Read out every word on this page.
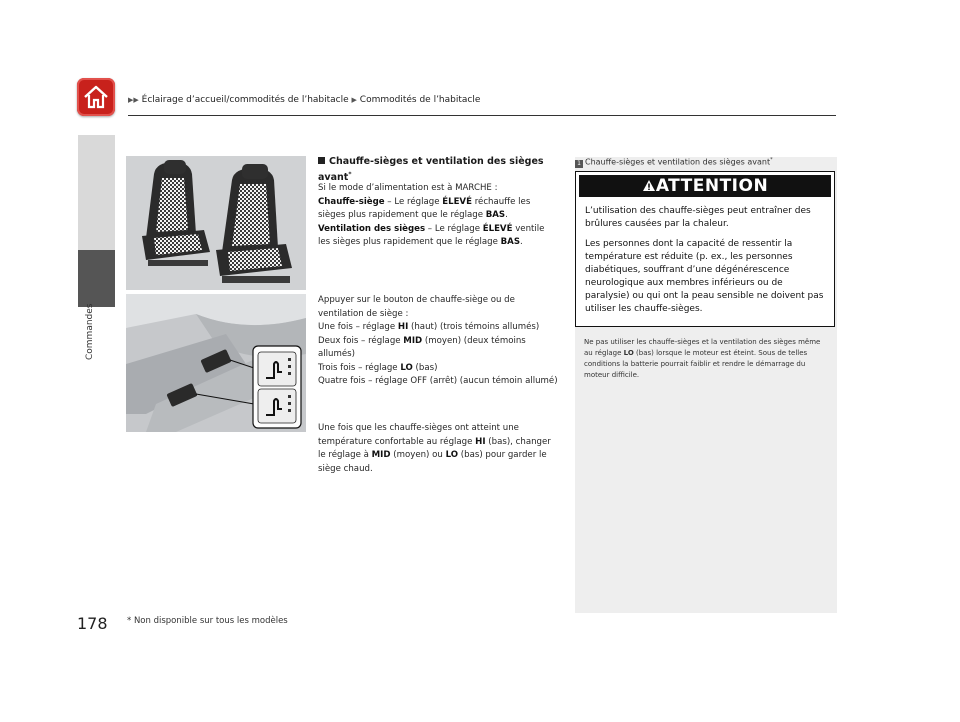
▶▶ Éclairage d’accueil/commodités de l’habitacle ▶ Commodités de l’habitacle
Commandes
Chauffe-sièges et ventilation des sièges avant*

Si le mode d’alimentation est à MARCHE :

Chauffe-siège – Le réglage ÉLEVÉ réchauffe les sièges plus rapidement que le réglage BAS.

Ventilation des sièges – Le réglage ÉLEVÉ ventile les sièges plus rapidement que le réglage BAS.

Appuyer sur le bouton de chauffe-siège ou de ventilation de siège :

Une fois – réglage HI (haut) (trois témoins allumés)

Deux fois – réglage MID (moyen) (deux témoins allumés)

Trois fois – réglage LO (bas)

Quatre fois – réglage OFF (arrêt) (aucun témoin allumé)

Une fois que les chauffe-sièges ont atteint une température confortable au réglage HI (bas), changer le réglage à MID (moyen) ou LO (bas) pour garder le siège chaud.

1 Chauffe-sièges et ventilation des sièges avant*
ATTENTION

L’utilisation des chauffe-sièges peut entraîner des brûlures causées par la chaleur.

Les personnes dont la capacité de ressentir la température est réduite (p. ex., les personnes diabétiques, souffrant d’une dégénérescence neurologique aux membres inférieurs ou de paralysie) ou qui ont la peau sensible ne doivent pas utiliser les chauffe-sièges.

Ne pas utiliser les chauffe-sièges et la ventilation des sièges même au réglage LO (bas) lorsque le moteur est éteint. Sous de telles conditions la batterie pourrait faiblir et rendre le démarrage du moteur difficile.
178 * Non disponible sur tous les modèles
